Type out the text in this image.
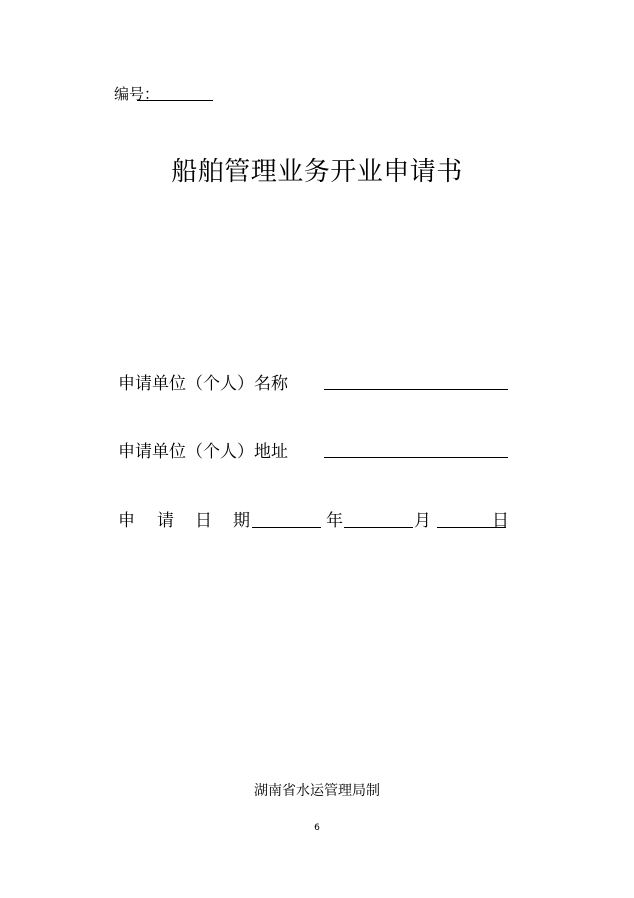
编号：
船舶管理业务开业申请书
申请单位（个人）名称
申请单位（个人）地址
申 请 日 期	年	月	日
湖南省水运管理局制
6
